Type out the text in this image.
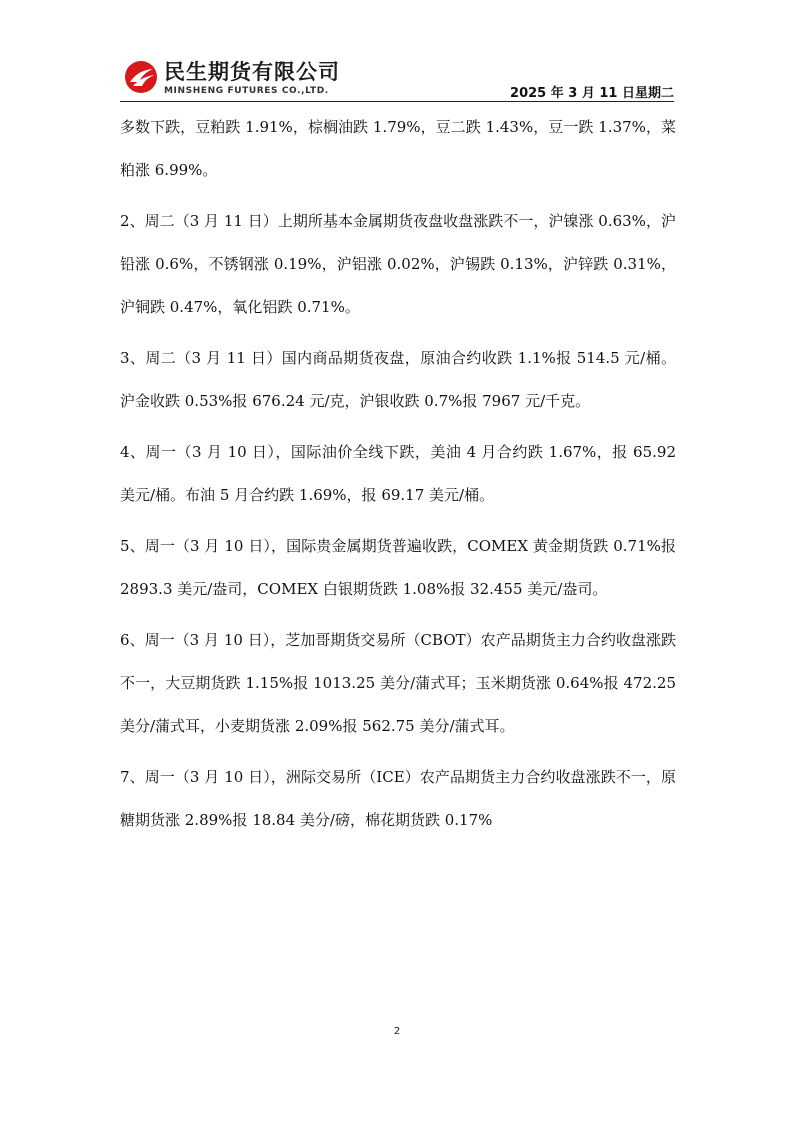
民生期货有限公司
MINSHENG FUTURES CO.,LTD.	2025 年 3 月 11 日星期二

多数下跌，豆粕跌 1.91%，棕榈油跌 1.79%，豆二跌 1.43%，豆一跌 1.37%，菜粕涨 6.99%。

2、周二（3 月 11 日）上期所基本金属期货夜盘收盘涨跌不一，沪镍涨 0.63%，沪铅涨 0.6%，不锈钢涨 0.19%，沪铝涨 0.02%，沪锡跌 0.13%，沪锌跌 0.31%，沪铜跌 0.47%，氧化铝跌 0.71%。

3、周二（3 月 11 日）国内商品期货夜盘，原油合约收跌 1.1%报 514.5 元/桶。沪金收跌 0.53%报 676.24 元/克，沪银收跌 0.7%报 7967 元/千克。

4、周一（3 月 10 日），国际油价全线下跌，美油 4 月合约跌 1.67%，报 65.92 美元/桶。布油 5 月合约跌 1.69%，报 69.17 美元/桶。

5、周一（3 月 10 日），国际贵金属期货普遍收跌，COMEX 黄金期货跌 0.71%报 2893.3 美元/盎司，COMEX 白银期货跌 1.08%报 32.455 美元/盎司。

6、周一（3 月 10 日），芝加哥期货交易所（CBOT）农产品期货主力合约收盘涨跌不一，大豆期货跌 1.15%报 1013.25 美分/蒲式耳；玉米期货涨 0.64%报 472.25 美分/蒲式耳，小麦期货涨 2.09%报 562.75 美分/蒲式耳。

7、周一（3 月 10 日），洲际交易所（ICE）农产品期货主力合约收盘涨跌不一，原糖期货涨 2.89%报 18.84 美分/磅，棉花期货跌 0.17%

2
